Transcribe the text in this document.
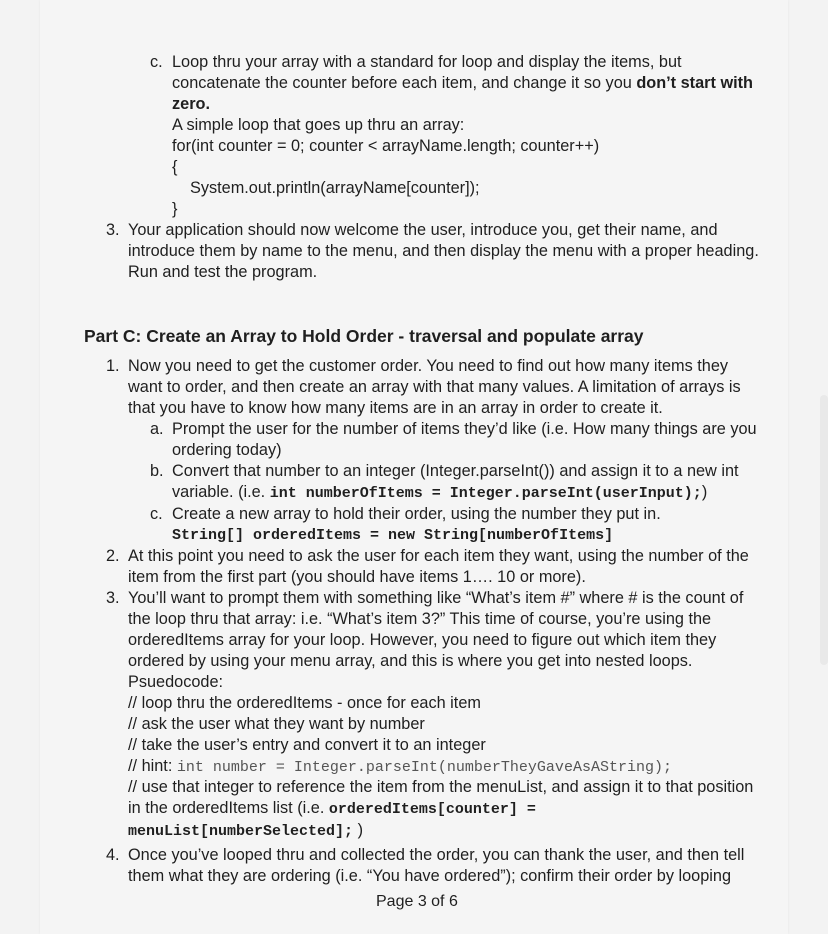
c. Loop thru your array with a standard for loop and display the items, but
concatenate the counter before each item, and change it so you don’t start with
zero.
A simple loop that goes up thru an array:
for(int counter = 0; counter < arrayName.length; counter++)
{
System.out.println(arrayName[counter]);
}
3. Your application should now welcome the user, introduce you, get their name, and
introduce them by name to the menu, and then display the menu with a proper heading.
Run and test the program.
Part C: Create an Array to Hold Order - traversal and populate array
1. Now you need to get the customer order. You need to find out how many items they
want to order, and then create an array with that many values. A limitation of arrays is
that you have to know how many items are in an array in order to create it.
a. Prompt the user for the number of items they’d like (i.e. How many things are you
ordering today)
b. Convert that number to an integer (Integer.parseInt()) and assign it to a new int
variable. (i.e. int numberOfItems = Integer.parseInt(userInput);)
c. Create a new array to hold their order, using the number they put in.
String[] orderedItems = new String[numberOfItems]
2. At this point you need to ask the user for each item they want, using the number of the
item from the first part (you should have items 1…. 10 or more).
3. You’ll want to prompt them with something like “What’s item #” where # is the count of
the loop thru that array: i.e. “What’s item 3?” This time of course, you’re using the
orderedItems array for your loop. However, you need to figure out which item they
ordered by using your menu array, and this is where you get into nested loops.
Psuedocode:
// loop thru the orderedItems - once for each item
// ask the user what they want by number
// take the user’s entry and convert it to an integer
// hint: int number = Integer.parseInt(numberTheyGaveAsAString);
// use that integer to reference the item from the menuList, and assign it to that position
in the orderedItems list (i.e. orderedItems[counter] =
menuList[numberSelected]; )
4. Once you’ve looped thru and collected the order, you can thank the user, and then tell
them what they are ordering (i.e. “You have ordered”); confirm their order by looping
Page 3 of 6
